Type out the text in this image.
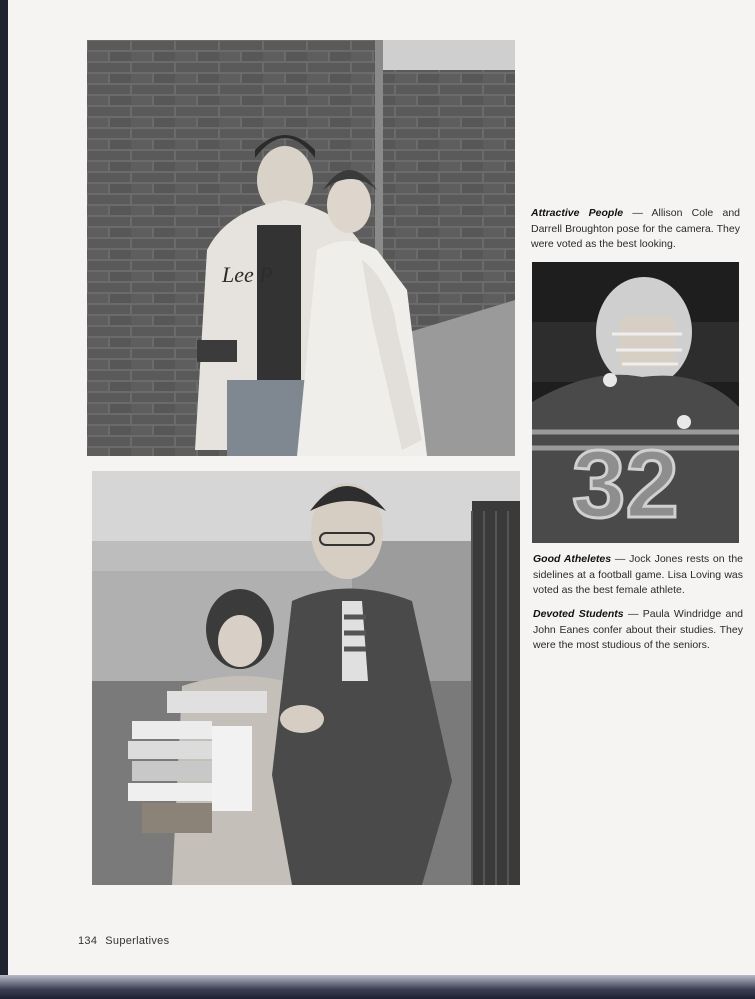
Lee P
32

Attractive People — Allison Cole and Darrell Broughton pose for the camera. They were voted as the best looking.

Good Atheletes — Jock Jones rests on the sidelines at a football game. Lisa Loving was voted as the best female athlete.

Devoted Students — Paula Windridge and John Eanes confer about their studies. They were the most studious of the seniors.

134 Superlatives
